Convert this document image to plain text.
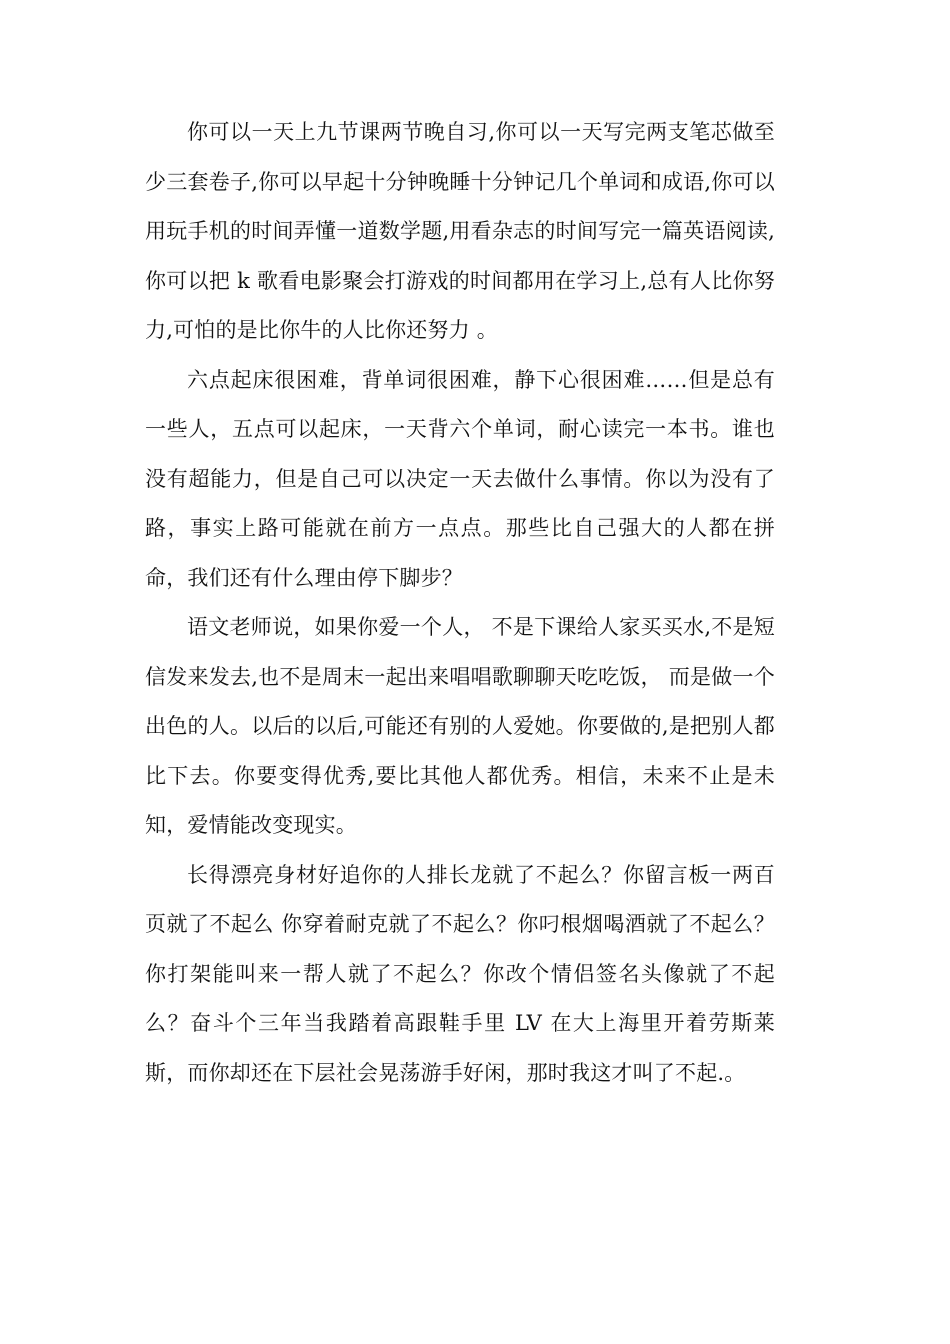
你可以一天上九节课两节晚自习,你可以一天写完两支笔芯做至少三套卷子,你可以早起十分钟晚睡十分钟记几个单词和成语,你可以用玩手机的时间弄懂一道数学题,用看杂志的时间写完一篇英语阅读,你可以把 k 歌看电影聚会打游戏的时间都用在学习上,总有人比你努力,可怕的是比你牛的人比你还努力 。

六点起床很困难，背单词很困难，静下心很困难……但是总有一些人，五点可以起床，一天背六个单词，耐心读完一本书。谁也没有超能力，但是自己可以决定一天去做什么事情。你以为没有了路，事实上路可能就在前方一点点。那些比自己强大的人都在拼命，我们还有什么理由停下脚步？

语文老师说，如果你爱一个人， 不是下课给人家买买水,不是短信发来发去,也不是周末一起出来唱唱歌聊聊天吃吃饭， 而是做一个出色的人。以后的以后,可能还有别的人爱她。你要做的,是把别人都比下去。你要变得优秀,要比其他人都优秀。相信，未来不止是未知，爱情能改变现实。

长得漂亮身材好追你的人排长龙就了不起么？你留言板一两百页就了不起么 你穿着耐克就了不起么？你叼根烟喝酒就了不起么？你打架能叫来一帮人就了不起么？你改个情侣签名头像就了不起么？奋斗个三年当我踏着高跟鞋手里 LV 在大上海里开着劳斯莱斯，而你却还在下层社会晃荡游手好闲，那时我这才叫了不起.。
